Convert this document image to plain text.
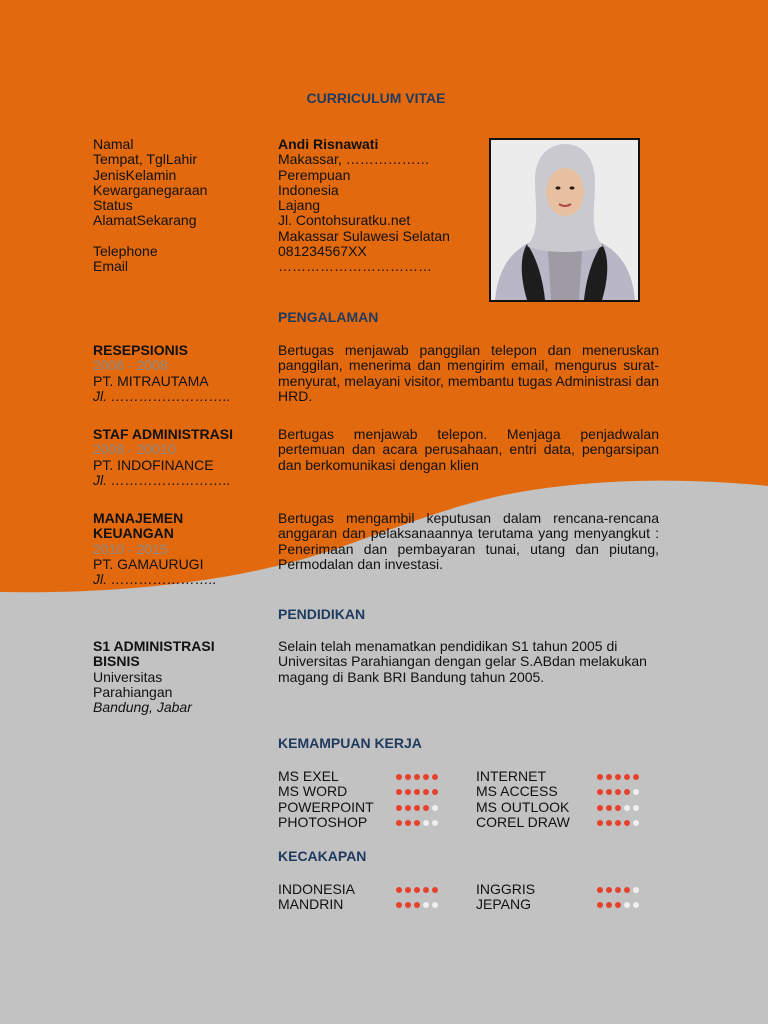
CURRICULUM VITAE
Namal
Tempat, TglLahir
JenisKelamin
Kewarganegaraan
Status
AlamatSekarang
Telephone
Email
Andi Risnawati
Makassar, ………………
Perempuan
Indonesia
Lajang
Jl. Contohsuratku.net
Makassar Sulawesi Selatan
081234567XX
……………………………
PENGALAMAN
RESEPSIONIS
2006 - 2008
PT. MITRAUTAMA
Jl. ……………………..
Bertugas menjawab panggilan telepon dan meneruskan panggilan, menerima dan mengirim email, mengurus surat-menyurat, melayani visitor, membantu tugas Administrasi dan HRD.
STAF ADMINISTRASI
2008 - 20010
PT. INDOFINANCE
Jl. ……………………..
Bertugas menjawab telepon. Menjaga penjadwalan pertemuan dan acara perusahaan, entri data, pengarsipan dan berkomunikasi dengan klien
MANAJEMEN
KEUANGAN
2010 - 2015
PT. GAMAURUGI
Jl. …………………..
Bertugas mengambil keputusan dalam rencana-rencana anggaran dan pelaksanaannya terutama yang menyangkut : Penerimaan dan pembayaran tunai, utang dan piutang, Permodalan dan investasi.
PENDIDIKAN
S1 ADMINISTRASI
BISNIS
Universitas
Parahiangan
Bandung, Jabar
Selain telah menamatkan pendidikan S1 tahun 2005 di Universitas Parahiangan dengan gelar S.ABdan melakukan magang di Bank BRI Bandung tahun 2005.
KEMAMPUAN KERJA
MS EXEL
MS WORD
POWERPOINT
PHOTOSHOP
INTERNET
MS ACCESS
MS OUTLOOK
COREL DRAW
KECAKAPAN
INDONESIA
MANDRIN
INGGRIS
JEPANG
